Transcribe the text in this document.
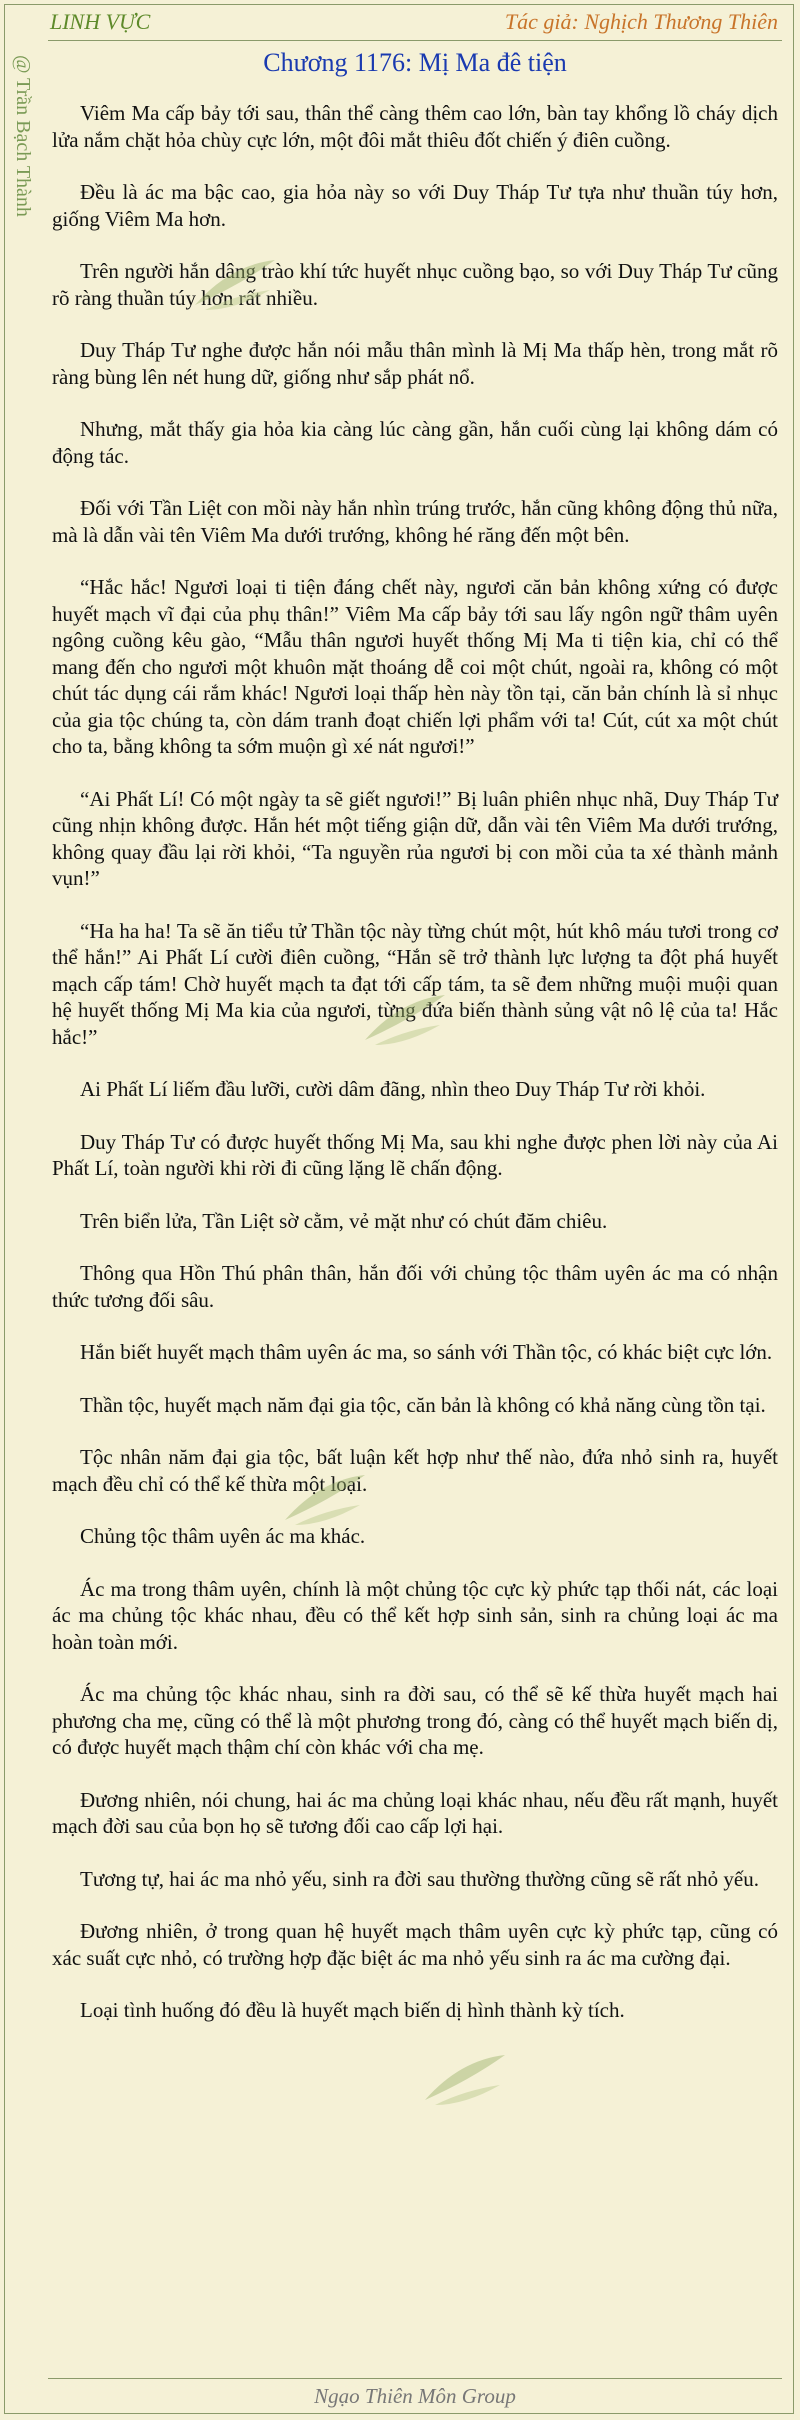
LINH VỰC	Tác giả: Nghịch Thương Thiên
@ Trần Bạch Thành	Chương 1176: Mị Ma đê tiện

Viêm Ma cấp bảy tới sau, thân thể càng thêm cao lớn, bàn tay khổng lồ cháy dịch lửa nắm chặt hỏa chùy cực lớn, một đôi mắt thiêu đốt chiến ý điên cuồng.

Đều là ác ma bậc cao, gia hỏa này so với Duy Tháp Tư tựa như thuần túy hơn, giống Viêm Ma hơn.

Trên người hắn dâng trào khí tức huyết nhục cuồng bạo, so với Duy Tháp Tư cũng rõ ràng thuần túy hơn rất nhiều.

Duy Tháp Tư nghe được hắn nói mẫu thân mình là Mị Ma thấp hèn, trong mắt rõ ràng bùng lên nét hung dữ, giống như sắp phát nổ.

Nhưng, mắt thấy gia hỏa kia càng lúc càng gần, hắn cuối cùng lại không dám có động tác.

Đối với Tần Liệt con mồi này hắn nhìn trúng trước, hắn cũng không động thủ nữa, mà là dẫn vài tên Viêm Ma dưới trướng, không hé răng đến một bên.

“Hắc hắc! Ngươi loại ti tiện đáng chết này, ngươi căn bản không xứng có được huyết mạch vĩ đại của phụ thân!” Viêm Ma cấp bảy tới sau lấy ngôn ngữ thâm uyên ngông cuồng kêu gào, “Mẫu thân ngươi huyết thống Mị Ma ti tiện kia, chỉ có thể mang đến cho ngươi một khuôn mặt thoáng dễ coi một chút, ngoài ra, không có một chút tác dụng cái rắm khác! Ngươi loại thấp hèn này tồn tại, căn bản chính là sỉ nhục của gia tộc chúng ta, còn dám tranh đoạt chiến lợi phẩm với ta! Cút, cút xa một chút cho ta, bằng không ta sớm muộn gì xé nát ngươi!”

“Ai Phất Lí! Có một ngày ta sẽ giết ngươi!” Bị luân phiên nhục nhã, Duy Tháp Tư cũng nhịn không được. Hắn hét một tiếng giận dữ, dẫn vài tên Viêm Ma dưới trướng, không quay đầu lại rời khỏi, “Ta nguyền rủa ngươi bị con mồi của ta xé thành mảnh vụn!”

“Ha ha ha! Ta sẽ ăn tiểu tử Thần tộc này từng chút một, hút khô máu tươi trong cơ thể hắn!” Ai Phất Lí cười điên cuồng, “Hắn sẽ trở thành lực lượng ta đột phá huyết mạch cấp tám! Chờ huyết mạch ta đạt tới cấp tám, ta sẽ đem những muội muội quan hệ huyết thống Mị Ma kia của ngươi, từng đứa biến thành sủng vật nô lệ của ta! Hắc hắc!”

Ai Phất Lí liếm đầu lưỡi, cười dâm đãng, nhìn theo Duy Tháp Tư rời khỏi.

Duy Tháp Tư có được huyết thống Mị Ma, sau khi nghe được phen lời này của Ai Phất Lí, toàn người khi rời đi cũng lặng lẽ chấn động.

Trên biển lửa, Tần Liệt sờ cằm, vẻ mặt như có chút đăm chiêu.

Thông qua Hồn Thú phân thân, hắn đối với chủng tộc thâm uyên ác ma có nhận thức tương đối sâu.

Hắn biết huyết mạch thâm uyên ác ma, so sánh với Thần tộc, có khác biệt cực lớn.

Thần tộc, huyết mạch năm đại gia tộc, căn bản là không có khả năng cùng tồn tại.

Tộc nhân năm đại gia tộc, bất luận kết hợp như thế nào, đứa nhỏ sinh ra, huyết mạch đều chỉ có thể kế thừa một loại.

Chủng tộc thâm uyên ác ma khác.

Ác ma trong thâm uyên, chính là một chủng tộc cực kỳ phức tạp thối nát, các loại ác ma chủng tộc khác nhau, đều có thể kết hợp sinh sản, sinh ra chủng loại ác ma hoàn toàn mới.

Ác ma chủng tộc khác nhau, sinh ra đời sau, có thể sẽ kế thừa huyết mạch hai phương cha mẹ, cũng có thể là một phương trong đó, càng có thể huyết mạch biến dị, có được huyết mạch thậm chí còn khác với cha mẹ.

Đương nhiên, nói chung, hai ác ma chủng loại khác nhau, nếu đều rất mạnh, huyết mạch đời sau của bọn họ sẽ tương đối cao cấp lợi hại.

Tương tự, hai ác ma nhỏ yếu, sinh ra đời sau thường thường cũng sẽ rất nhỏ yếu.

Đương nhiên, ở trong quan hệ huyết mạch thâm uyên cực kỳ phức tạp, cũng có xác suất cực nhỏ, có trường hợp đặc biệt ác ma nhỏ yếu sinh ra ác ma cường đại.

Loại tình huống đó đều là huyết mạch biến dị hình thành kỳ tích.

Ngạo Thiên Môn Group
